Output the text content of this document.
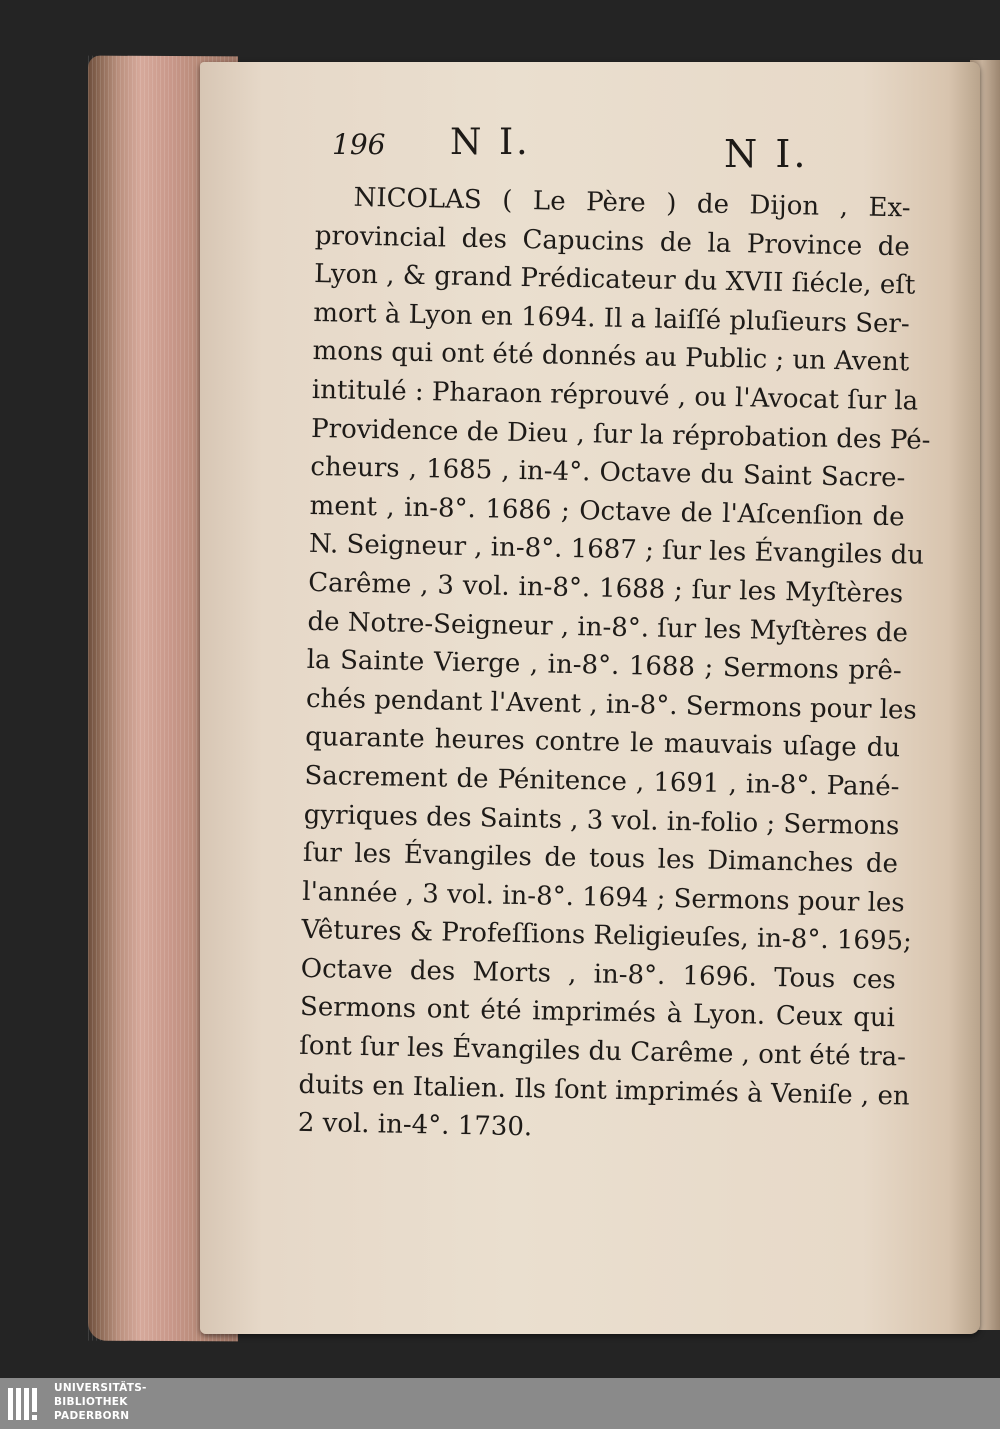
196 N I.	N I.
NICOLAS ( Le Père ) de Dijon , Ex-
provincial des Capucins de la Province de
Lyon , & grand Prédicateur du XVII ſiécle, eſt
mort à Lyon en 1694. Il a laiſſé pluſieurs Ser-
mons qui ont été donnés au Public ; un Avent
intitulé : Pharaon réprouvé , ou l'Avocat ſur la
Providence de Dieu , ſur la réprobation des Pé-
cheurs , 1685 , in-4°. Octave du Saint Sacre-
ment , in-8°. 1686 ; Octave de l'Aſcenſion de
N. Seigneur , in-8°. 1687 ; ſur les Évangiles du
Carême , 3 vol. in-8°. 1688 ; ſur les Myſtères
de Notre-Seigneur , in-8°. ſur les Myſtères de
la Sainte Vierge , in-8°. 1688 ; Sermons prê-
chés pendant l'Avent , in-8°. Sermons pour les
quarante heures contre le mauvais uſage du
Sacrement de Pénitence , 1691 , in-8°. Pané-
gyriques des Saints , 3 vol. in-folio ; Sermons
ſur les Évangiles de tous les Dimanches de
l'année , 3 vol. in-8°. 1694 ; Sermons pour les
Vêtures & Profeſſions Religieuſes, in-8°. 1695;
Octave des Morts , in-8°. 1696. Tous ces
Sermons ont été imprimés à Lyon. Ceux qui
ſont ſur les Évangiles du Carême , ont été tra-
duits en Italien. Ils ſont imprimés à Veniſe , en
2 vol. in-4°. 1730.
UNIVERSITÄTS-
BIBLIOTHEK
PADERBORN
